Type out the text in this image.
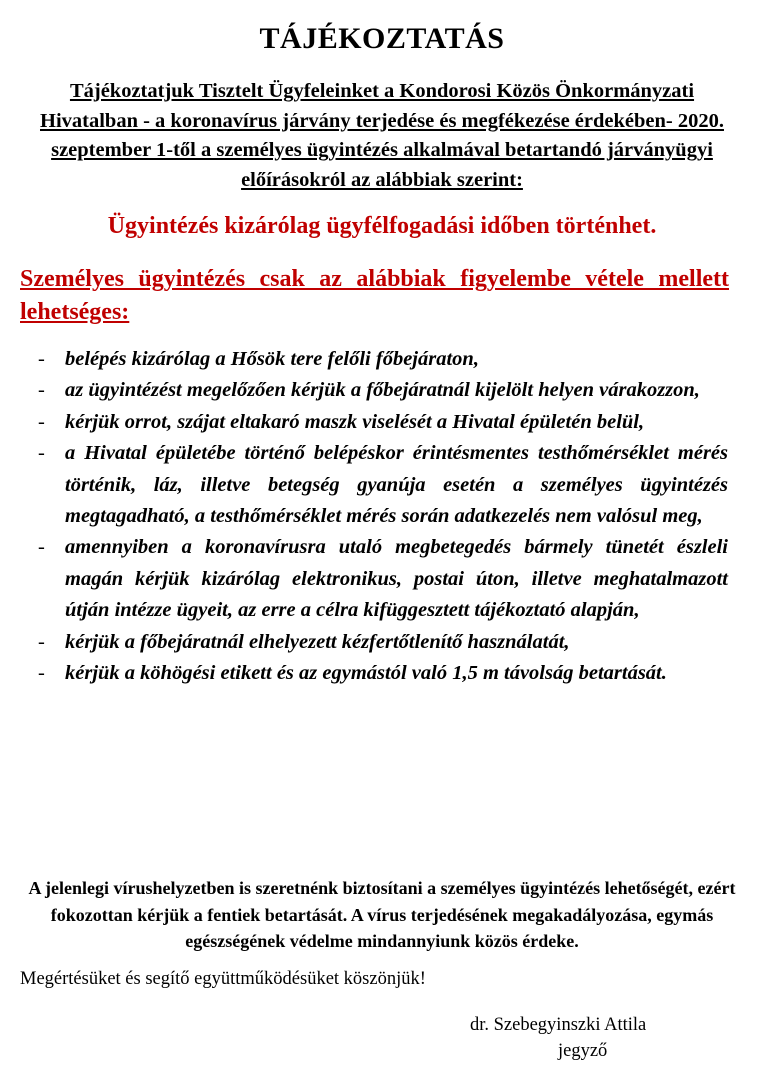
TÁJÉKOZTATÁS

Tájékoztatjuk Tisztelt Ügyfeleinket a Kondorosi Közös Önkormányzati Hivatalban - a koronavírus járvány terjedése és megfékezése érdekében- 2020. szeptember 1-től a személyes ügyintézés alkalmával betartandó járványügyi előírásokról az alábbiak szerint:

Ügyintézés kizárólag ügyfélfogadási időben történhet.

Személyes ügyintézés csak az alábbiak figyelembe vétele mellett lehetséges:

- belépés kizárólag a Hősök tere felőli főbejáraton,
- az ügyintézést megelőzően kérjük a főbejáratnál kijelölt helyen várakozzon,
- kérjük orrot, szájat eltakaró maszk viselését a Hivatal épületén belül,
- a Hivatal épületébe történő belépéskor érintésmentes testhőmérséklet mérés történik, láz, illetve betegség gyanúja esetén a személyes ügyintézés megtagadható, a testhőmérséklet mérés során adatkezelés nem valósul meg,
- amennyiben a koronavírusra utaló megbetegedés bármely tünetét észleli magán kérjük kizárólag elektronikus, postai úton, illetve meghatalmazott útján intézze ügyeit, az erre a célra kifüggesztett tájékoztató alapján,
- kérjük a főbejáratnál elhelyezett kézfertőtlenítő használatát,
- kérjük a köhögési etikett és az egymástól való 1,5 m távolság betartását.

A jelenlegi vírushelyzetben is szeretnénk biztosítani a személyes ügyintézés lehetőségét, ezért fokozottan kérjük a fentiek betartását. A vírus terjedésének megakadályozása, egymás egészségének védelme mindannyiunk közös érdeke.

Megértésüket és segítő együttműködésüket köszönjük!

dr. Szebegyinszki Attila
jegyző
